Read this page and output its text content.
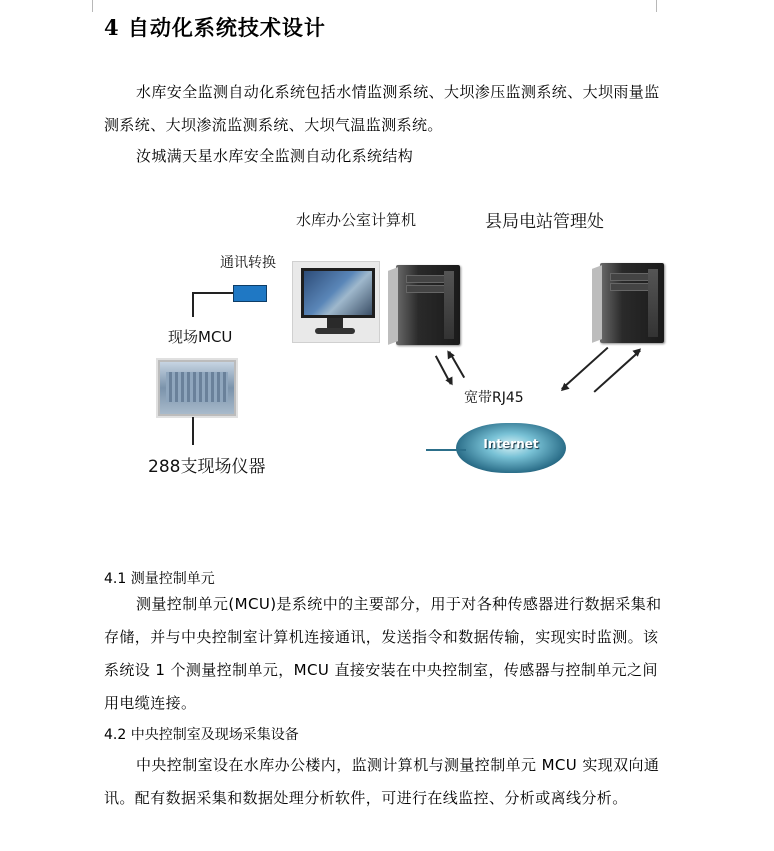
4 自动化系统技术设计

水库安全监测自动化系统包括水情监测系统、大坝渗压监测系统、大坝雨量监测系统、大坝渗流监测系统、大坝气温监测系统。

汝城满天星水库安全监测自动化系统结构

水库办公室计算机	县局电站管理处
通讯转换
现场MCU
宽带RJ45
288支现场仪器
Internet
4.1 测量控制单元

测量控制单元(MCU)是系统中的主要部分，用于对各种传感器进行数据采集和存储，并与中央控制室计算机连接通讯，发送指令和数据传输，实现实时监测。该系统设 1 个测量控制单元，MCU 直接安装在中央控制室，传感器与控制单元之间用电缆连接。

4.2 中央控制室及现场采集设备

中央控制室设在水库办公楼内，监测计算机与测量控制单元 MCU 实现双向通讯。配有数据采集和数据处理分析软件，可进行在线监控、分析或离线分析。
